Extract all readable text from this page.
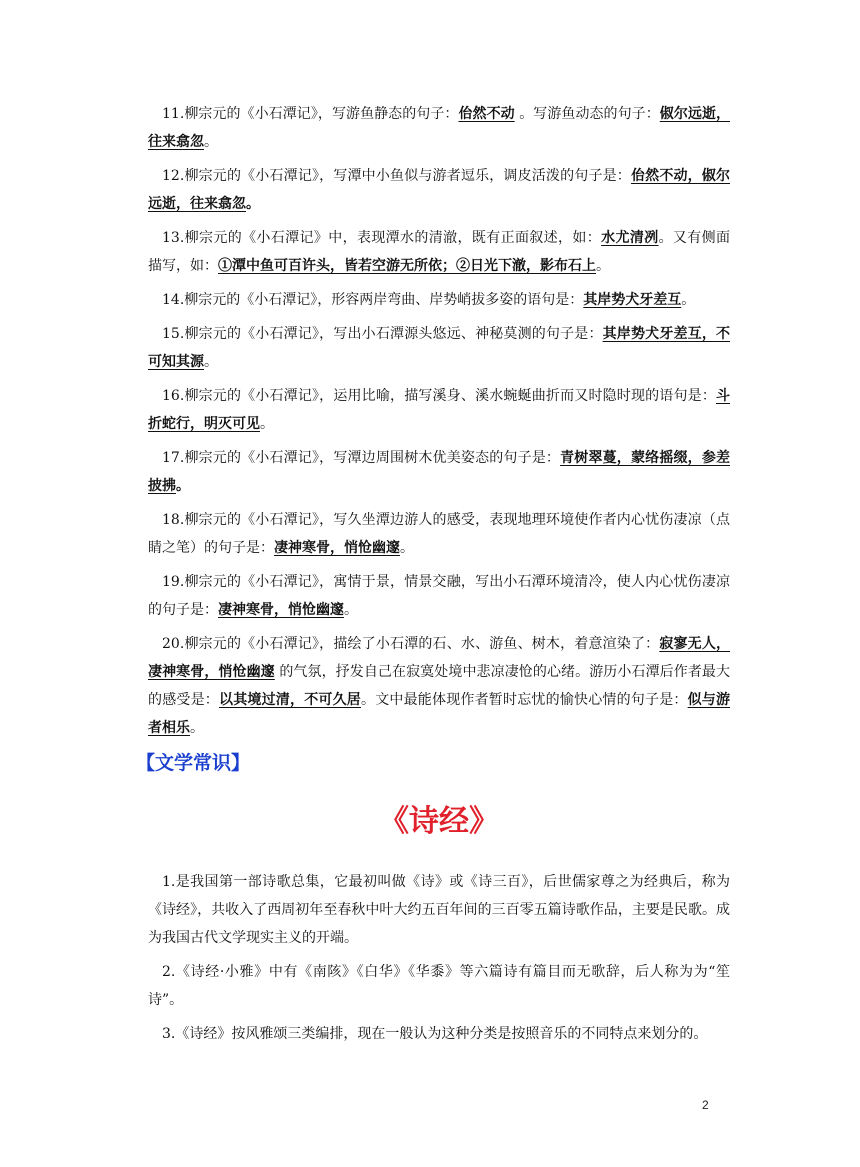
11.柳宗元的《小石潭记》，写游鱼静态的句子：佁然不动 。写游鱼动态的句子：俶尔远逝，往来翕忽。

12.柳宗元的《小石潭记》，写潭中小鱼似与游者逗乐，调皮活泼的句子是：佁然不动，俶尔远逝，往来翕忽。

13.柳宗元的《小石潭记》中，表现潭水的清澈，既有正面叙述，如：水尤清冽。又有侧面描写，如：①潭中鱼可百许头，皆若空游无所依；②日光下澈，影布石上。

14.柳宗元的《小石潭记》，形容两岸弯曲、岸势峭拔多姿的语句是：其岸势犬牙差互。

15.柳宗元的《小石潭记》，写出小石潭源头悠远、神秘莫测的句子是：其岸势犬牙差互，不可知其源。

16.柳宗元的《小石潭记》，运用比喻，描写溪身、溪水蜿蜒曲折而又时隐时现的语句是：斗折蛇行，明灭可见。

17.柳宗元的《小石潭记》，写潭边周围树木优美姿态的句子是：青树翠蔓，蒙络摇缀，参差披拂。

18.柳宗元的《小石潭记》，写久坐潭边游人的感受，表现地理环境使作者内心忧伤凄凉（点睛之笔）的句子是：凄神寒骨，悄怆幽邃。

19.柳宗元的《小石潭记》，寓情于景，情景交融，写出小石潭环境清冷，使人内心忧伤凄凉的句子是：凄神寒骨，悄怆幽邃。

20.柳宗元的《小石潭记》，描绘了小石潭的石、水、游鱼、树木，着意渲染了：寂寥无人，凄神寒骨，悄怆幽邃 的气氛，抒发自己在寂寞处境中悲凉凄怆的心绪。游历小石潭后作者最大的感受是：以其境过清，不可久居。文中最能体现作者暂时忘忧的愉快心情的句子是：似与游者相乐。

【文学常识】
《诗经》

1.是我国第一部诗歌总集，它最初叫做《诗》或《诗三百》，后世儒家尊之为经典后，称为《诗经》，共收入了西周初年至春秋中叶大约五百年间的三百零五篇诗歌作品，主要是民歌。成为我国古代文学现实主义的开端。

2.《诗经·小雅》中有《南陔》《白华》《华黍》等六篇诗有篇目而无歌辞，后人称为为“笙诗”。

3.《诗经》按风雅颂三类编排，现在一般认为这种分类是按照音乐的不同特点来划分的。

2
